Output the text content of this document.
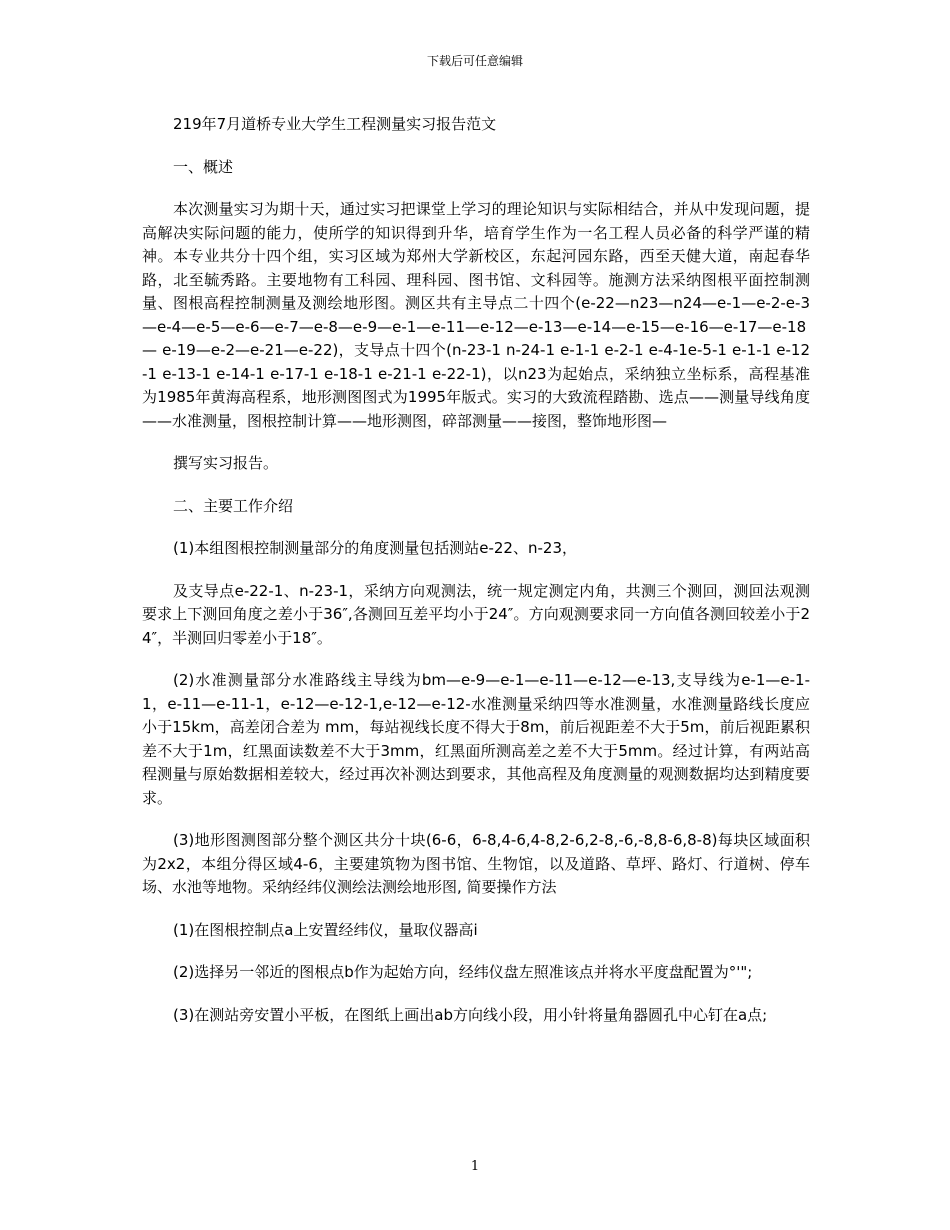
下载后可任意编辑

219年7月道桥专业大学生工程测量实习报告范文

一、概述

本次测量实习为期十天，通过实习把课堂上学习的理论知识与实际相结合，并从中发现问题，提高解决实际问题的能力，使所学的知识得到升华，培育学生作为一名工程人员必备的科学严谨的精神。本专业共分十四个组，实习区域为郑州大学新校区，东起河园东路，西至天健大道，南起春华路，北至毓秀路。主要地物有工科园、理科园、图书馆、文科园等。施测方法采纳图根平面控制测量、图根高程控制测量及测绘地形图。测区共有主导点二十四个(e-22—n23—n24—e-1—e-2-e-3—e-4—e-5—e-6—e-7—e-8—e-9—e-1—e-11—e-12—e-13—e-14—e-15—e-16—e-17—e-18— e-19—e-2—e-21—e-22)，支导点十四个(n-23-1 n-24-1 e-1-1 e-2-1 e-4-1e-5-1 e-1-1 e-12-1 e-13-1 e-14-1 e-17-1 e-18-1 e-21-1 e-22-1)，以n23为起始点，采纳独立坐标系，高程基准为1985年黄海高程系，地形测图图式为1995年版式。实习的大致流程踏勘、选点——测量导线角度——水准测量，图根控制计算——地形测图，碎部测量——接图，整饰地形图—

撰写实习报告。

二、主要工作介绍

(1)本组图根控制测量部分的角度测量包括测站e-22、n-23，

及支导点e-22-1、n-23-1，采纳方向观测法，统一规定测定内角，共测三个测回，测回法观测要求上下测回角度之差小于36″,各测回互差平均小于24″。方向观测要求同一方向值各测回较差小于24″，半测回归零差小于18″。

(2)水准测量部分水准路线主导线为bm—e-9—e-1—e-11—e-12—e-13,支导线为e-1—e-1-1，e-11—e-11-1，e-12—e-12-1,e-12—e-12-水准测量采纳四等水准测量，水准测量路线长度应小于15km，高差闭合差为 mm，每站视线长度不得大于8m，前后视距差不大于5m，前后视距累积差不大于1m，红黑面读数差不大于3mm，红黑面所测高差之差不大于5mm。经过计算，有两站高程测量与原始数据相差较大，经过再次补测达到要求，其他高程及角度测量的观测数据均达到精度要求。

(3)地形图测图部分整个测区共分十块(6-6，6-8,4-6,4-8,2-6,2-8,-6,-8,8-6,8-8)每块区域面积为2x2，本组分得区域4-6，主要建筑物为图书馆、生物馆，以及道路、草坪、路灯、行道树、停车场、水池等地物。采纳经纬仪测绘法测绘地形图, 简要操作方法

(1)在图根控制点a上安置经纬仪，量取仪器高i

(2)选择另一邻近的图根点b作为起始方向，经纬仪盘左照准该点并将水平度盘配置为°'";

(3)在测站旁安置小平板，在图纸上画出ab方向线小段，用小针将量角器圆孔中心钉在a点;

1
